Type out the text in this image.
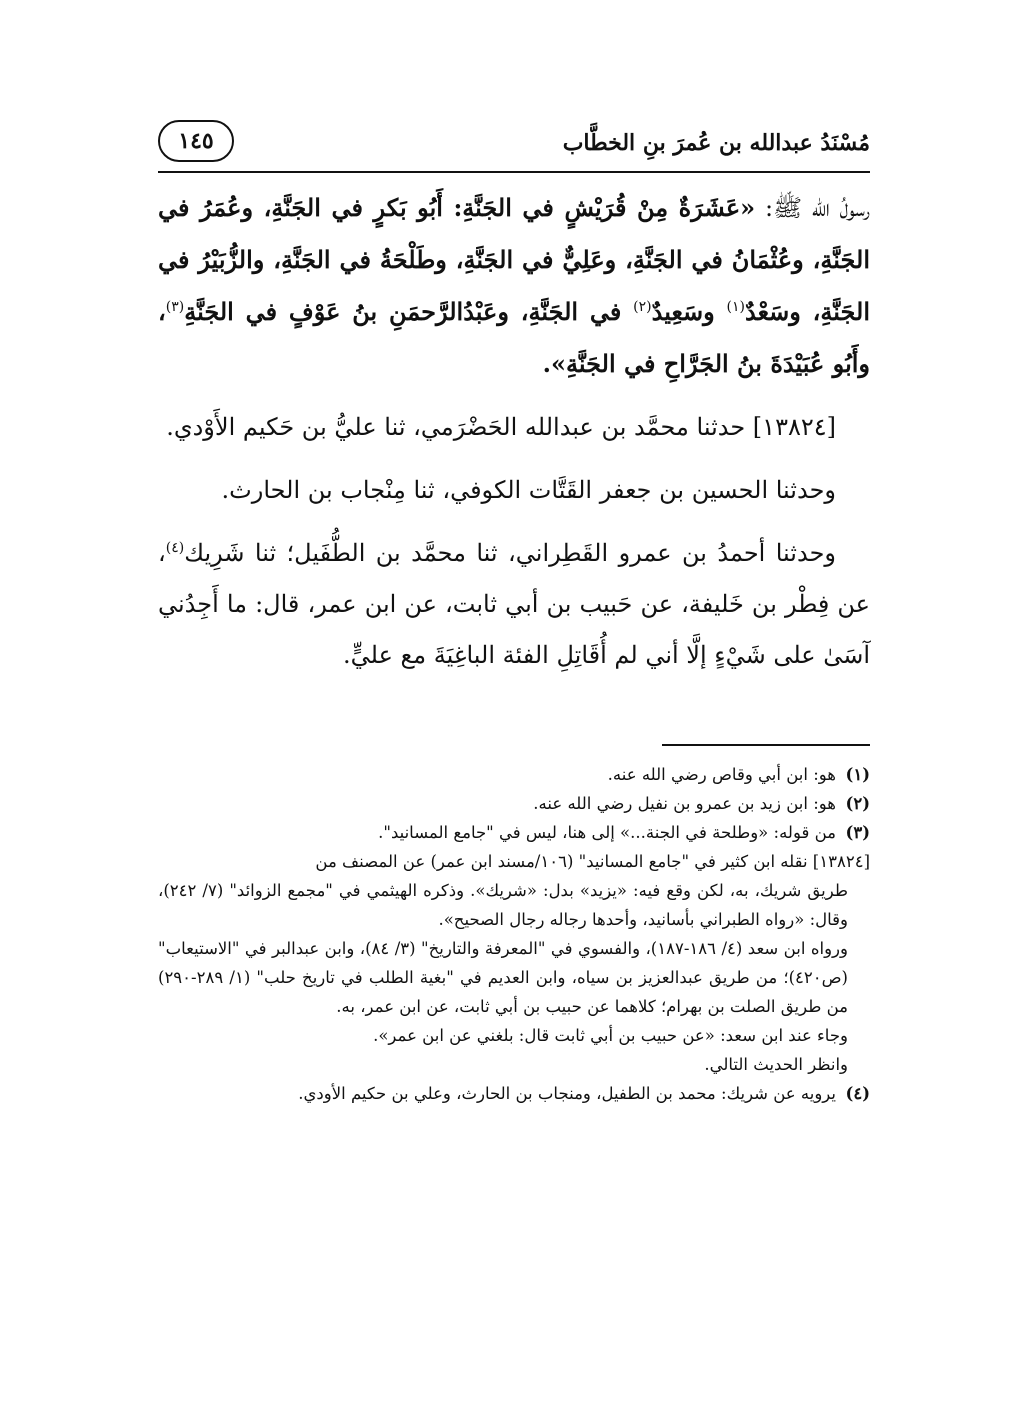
مُسْنَدُ عبدالله بن عُمرَ بنِ الخطَّاب
١٤٥

رسولُ الله ﷺ: «عَشَرَةٌ مِنْ قُرَيْشٍ في الجَنَّةِ: أَبُو بَكرٍ في الجَنَّةِ، وعُمَرُ في الجَنَّةِ، وعُثْمَانُ في الجَنَّةِ، وعَلِيٌّ في الجَنَّةِ، وطَلْحَةُ في الجَنَّةِ، والزُّبَيْرُ في الجَنَّةِ، وسَعْدٌ$^{(١)}$ وسَعِيدٌ$^{(٢)}$ في الجَنَّةِ، وعَبْدُالرَّحمَنِ بنُ عَوْفٍ في الجَنَّةِ$^{(٣)}$، وأَبُو عُبَيْدَةَ بنُ الجَرَّاحِ في الجَنَّةِ».

[١٣٨٢٤] حدثنا محمَّد بن عبدالله الحَضْرَمي، ثنا عليُّ بن حَكيم الأَوْدي.

وحدثنا الحسين بن جعفر القَتَّات الكوفي، ثنا مِنْجاب بن الحارث.

وحدثنا أحمدُ بن عمرو القَطِراني، ثنا محمَّد بن الطُّفَيل؛ ثنا شَرِيك$^{(٤)}$، عن فِطْر بن خَليفة، عن حَبيب بن أبي ثابت، عن ابن عمر، قال: ما أَجِدُني آسَىٰ على شَيْءٍ إلَّا أني لم أُقَاتِلِ الفئة الباغِيَةَ مع عليٍّ.

(١)هو: ابن أبي وقاص رضي الله عنه.

(٢)هو: ابن زيد بن عمرو بن نفيل رضي الله عنه.

(٣)من قوله: «وطلحة في الجنة...» إلى هنا، ليس في "جامع المسانيد".

[١٣٨٢٤] نقله ابن كثير في "جامع المسانيد" (١٠٦/مسند ابن عمر) عن المصنف من

طريق شريك، به، لكن وقع فيه: «يزيد» بدل: «شريك». وذكره الهيثمي في "مجمع الزوائد" (٧/ ٢٤٢)، وقال: «رواه الطبراني بأسانيد، وأحدها رجاله رجال الصحيح».

ورواه ابن سعد (٤/ ١٨٦-١٨٧)، والفسوي في "المعرفة والتاريخ" (٣/ ٨٤)، وابن عبدالبر في "الاستيعاب" (ص٤٢٠)؛ من طريق عبدالعزيز بن سياه، وابن العديم في "بغية الطلب في تاريخ حلب" (١/ ٢٨٩-٢٩٠) من طريق الصلت بن بهرام؛ كلاهما عن حبيب بن أبي ثابت، عن ابن عمر، به.

وجاء عند ابن سعد: «عن حبيب بن أبي ثابت قال: بلغني عن ابن عمر».

وانظر الحديث التالي.

(٤)يرويه عن شريك: محمد بن الطفيل، ومنجاب بن الحارث، وعلي بن حكيم الأودي.
